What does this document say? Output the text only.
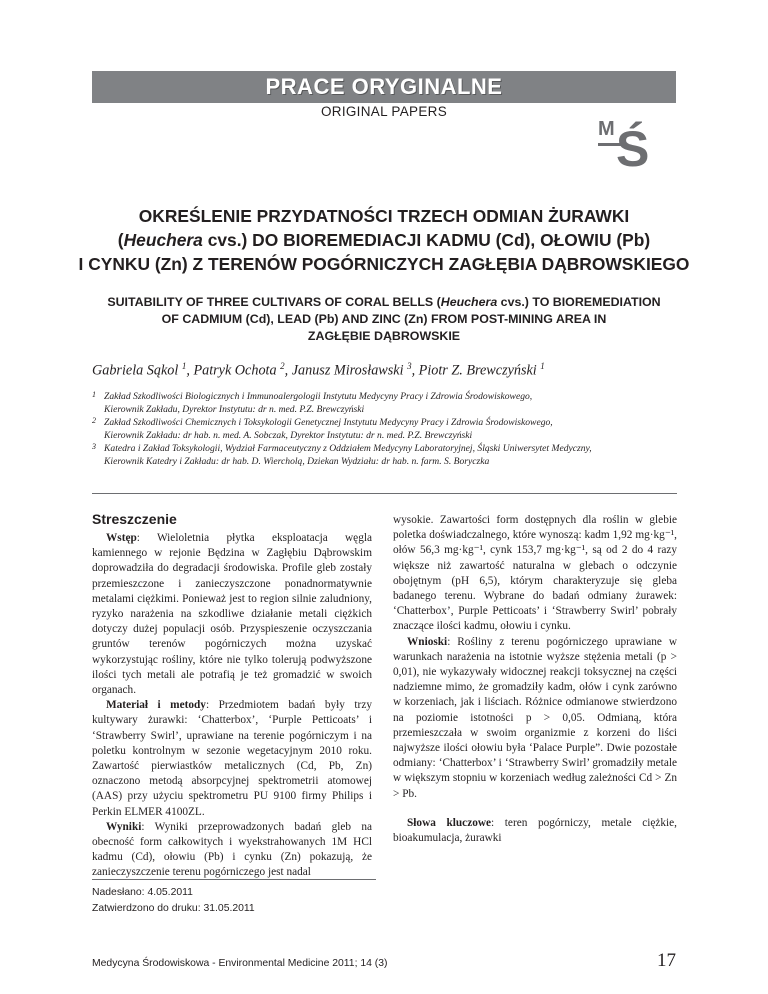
PRACE ORYGINALNE
ORIGINAL PAPERS
M Ś
OKREŚLENIE PRZYDATNOŚCI TRZECH ODMIAN ŻURAWKI
(Heuchera cvs.) DO BIOREMEDIACJI KADMU (Cd), OŁOWIU (Pb)
I CYNKU (Zn) Z TERENÓW POGÓRNICZYCH ZAGŁĘBIA DĄBROWSKIEGO
SUITABILITY OF THREE CULTIVARS OF CORAL BELLS (Heuchera cvs.) TO BIOREMEDIATION
OF CADMIUM (Cd), LEAD (Pb) AND ZINC (Zn) FROM POST-MINING AREA IN
ZAGŁĘBIE DĄBROWSKIE
Gabriela Sąkol $^1$, Patryk Ochota $^2$, Janusz Mirosławski $^3$, Piotr Z. Brewczyński $^1$
1 Zakład Szkodliwości Biologicznych i Immunoalergologii Instytutu Medycyny Pracy i Zdrowia Środowiskowego,
Kierownik Zakładu, Dyrektor Instytutu: dr n. med. P.Z. Brewczyński
2 Zakład Szkodliwości Chemicznych i Toksykologii Genetycznej Instytutu Medycyny Pracy i Zdrowia Środowiskowego,
Kierownik Zakładu: dr hab. n. med. A. Sobczak, Dyrektor Instytutu: dr n. med. P.Z. Brewczyński
3 Katedra i Zakład Toksykologii, Wydział Farmaceutyczny z Oddziałem Medycyny Laboratoryjnej, Śląski Uniwersytet Medyczny,
Kierownik Katedry i Zakładu: dr hab. D. Wiercholą, Dziekan Wydziału: dr hab. n. farm. S. Boryczka
Streszczenie

Wstęp: Wieloletnia płytka eksploatacja węgla kamiennego w rejonie Będzina w Zagłębiu Dąbrowskim doprowadziła do degradacji środowiska. Profile gleb zostały przemieszczone i zanieczyszczone ponadnormatywnie metalami ciężkimi. Ponieważ jest to region silnie zaludniony, ryzyko narażenia na szkodliwe działanie metali ciężkich dotyczy dużej populacji osób. Przyspieszenie oczyszczania gruntów terenów pogórniczych można uzyskać wykorzystując rośliny, które nie tylko tolerują podwyższone ilości tych metali ale potrafią je też gromadzić w swoich organach.

Materiał i metody: Przedmiotem badań były trzy kultywary żurawki: ‘Chatterbox’, ‘Purple Petticoats’ i ‘Strawberry Swirl’, uprawiane na terenie pogórniczym i na poletku kontrolnym w sezonie wegetacyjnym 2010 roku. Zawartość pierwiastków metalicznych (Cd, Pb, Zn) oznaczono metodą absorpcyjnej spektrometrii atomowej (AAS) przy użyciu spektrometru PU 9100 firmy Philips i Perkin ELMER 4100ZL.

Wyniki: Wyniki przeprowadzonych badań gleb na obecność form całkowitych i wyekstrahowanych 1M HCl kadmu (Cd), ołowiu (Pb) i cynku (Zn) pokazują, że zanieczyszczenie terenu pogórniczego jest nadal

wysokie. Zawartości form dostępnych dla roślin w glebie poletka doświadczalnego, które wynoszą: kadm 1,92 mg·kg⁻¹, ołów 56,3 mg·kg⁻¹, cynk 153,7 mg·kg⁻¹, są od 2 do 4 razy większe niż zawartość naturalna w glebach o odczynie obojętnym (pH 6,5), którym charakteryzuje się gleba badanego terenu. Wybrane do badań odmiany żurawek: ‘Chatterbox’, Purple Petticoats’ i ‘Strawberry Swirl’ pobrały znaczące ilości kadmu, ołowiu i cynku.

Wnioski: Rośliny z terenu pogórniczego uprawiane w warunkach narażenia na istotnie wyższe stężenia metali (p > 0,01), nie wykazywały widocznej reakcji toksycznej na części nadziemne mimo, że gromadziły kadm, ołów i cynk zarówno w korzeniach, jak i liściach. Różnice odmianowe stwierdzono na poziomie istotności p > 0,05. Odmianą, która przemieszczała w swoim organizmie z korzeni do liści najwyższe ilości ołowiu była ‘Palace Purple”. Dwie pozostałe odmiany: ‘Chatterbox’ i ‘Strawberry Swirl’ gromadziły metale w większym stopniu w korzeniach według zależności Cd > Zn > Pb.

Słowa kluczowe: teren pogórniczy, metale ciężkie, bioakumulacja, żurawki

Nadesłano: 4.05.2011
Zatwierdzono do druku: 31.05.2011
Medycyna Środowiskowa - Environmental Medicine 2011; 14 (3)	17
